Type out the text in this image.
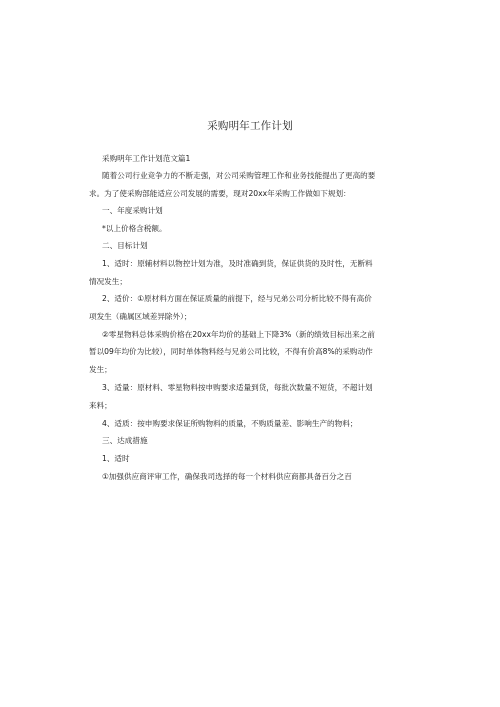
采购明年工作计划
采购明年工作计划范文篇1
随着公司行业竞争力的不断走强，对公司采购管理工作和业务技能提出了更高的要
求。为了使采购部能适应公司发展的需要，现对20xx年采购工作做如下规划：
一、年度采购计划
*以上价格含税额。
二、目标计划
1、适时：原辅材料以物控计划为准，及时准确到货，保证供货的及时性，无断料
情况发生；
2、适价：①原材料方面在保证质量的前提下，经与兄弟公司分析比较不得有高价
项发生（确属区域差异除外）；
②零星物料总体采购价格在20xx年均价的基础上下降3%（新的绩效目标出来之前
暂以09年均价为比较），同时单体物料经与兄弟公司比较，不得有价高8%的采购动作
发生；
3、适量：原材料、零星物料按申购要求适量到货，每批次数量不短货，不超计划
来料；
4、适质：按申购要求保证所购物料的质量，不购质量差、影响生产的物料；
三、达成措施
1、适时
①加强供应商评审工作，确保我司选择的每一个材料供应商都具备百分之百
